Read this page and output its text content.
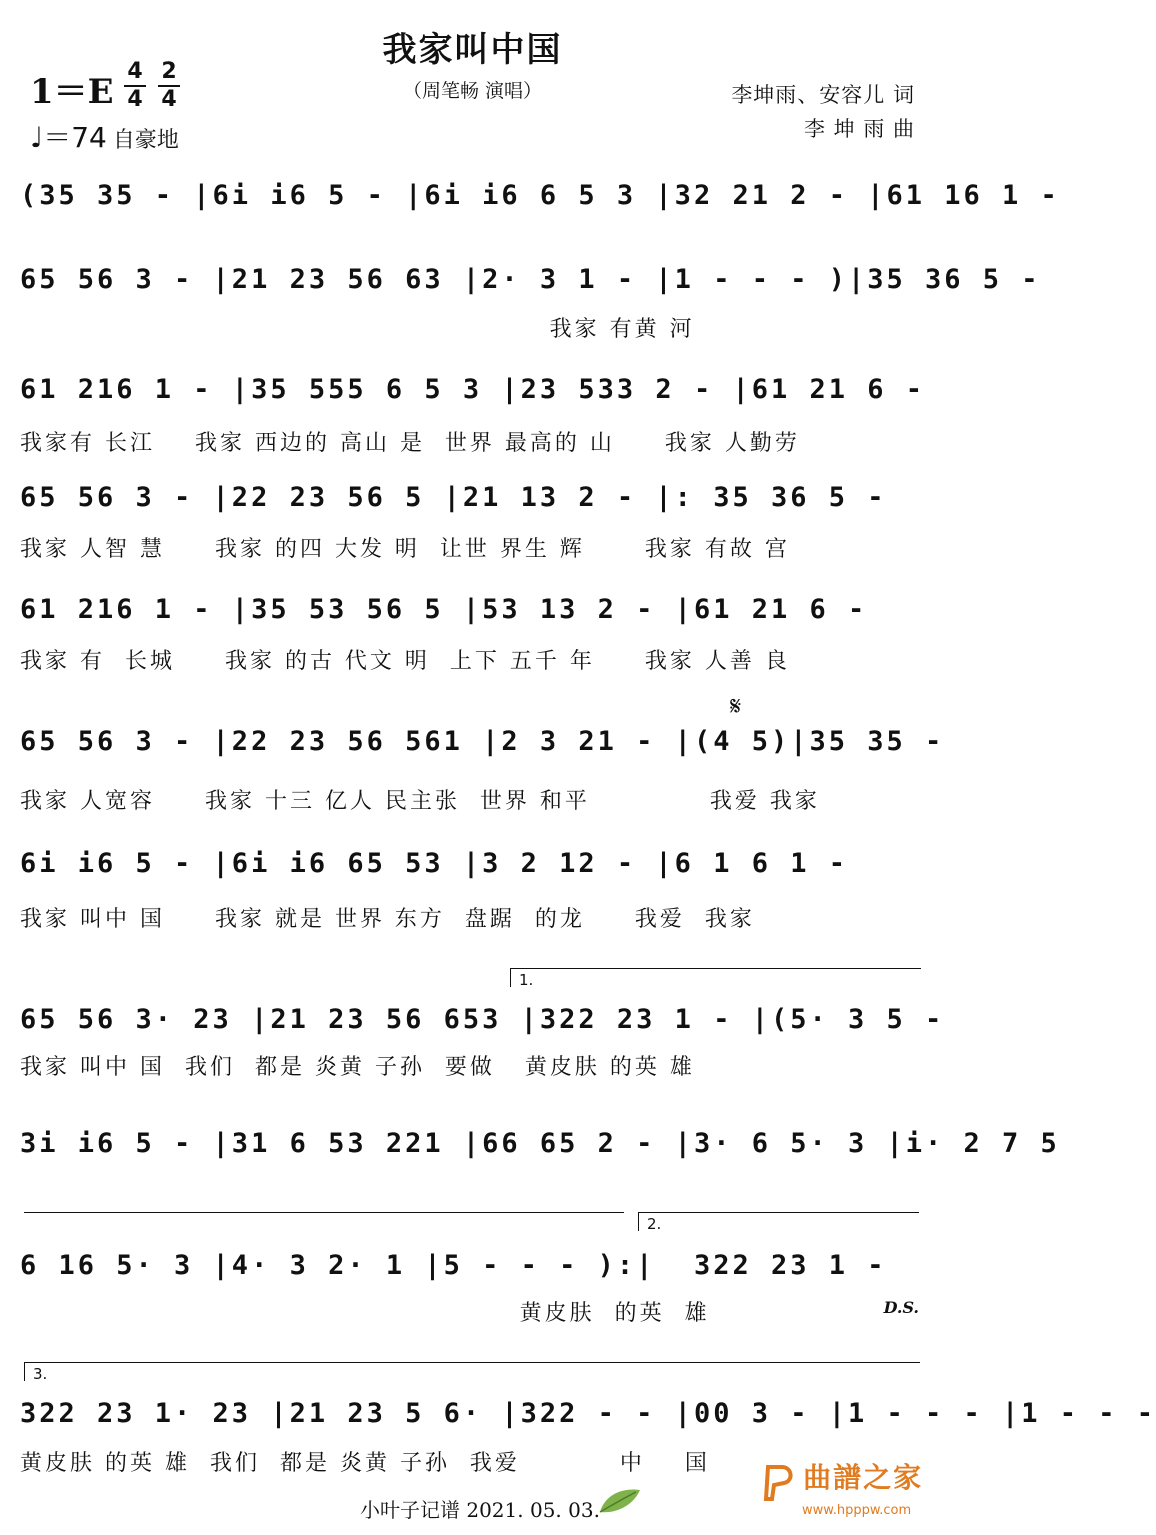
我家叫中国
（周笔畅 演唱）
1＝E
4
4
2
4
♩＝74 自豪地
李坤雨、安容儿 词
李 坤 雨 曲
(35 35 - |6i i6 5 - |6i i6 6 5 3 |32 21 2 - |61 16 1 -
65 56 3 - |21 23 56 63 |2· 3 1 - |1 - - - )|35 36 5 -
我家 有黄 河
61 216 1 - |35 555 6 5 3 |23 533 2 - |61 21 6 -
我家有 长江    我家 西边的 高山 是  世界 最高的 山     我家 人勤劳
65 56 3 - |22 23 56 5 |21 13 2 - |: 35 36 5 -
我家 人智 慧     我家 的四 大发 明  让世 界生 辉      我家 有故 宫
61 216 1 - |35 53 56 5 |53 13 2 - |61 21 6 -
我家 有  长城     我家 的古 代文 明  上下 五千 年     我家 人善 良
𝄋
65 56 3 - |22 23 56 561 |2 3 21 - |(4 5)|35 35 -
我家 人宽容     我家 十三 亿人 民主张  世界 和平            我爱 我家
6i i6 5 - |6i i6 65 53 |3 2 12 - |6 1 6 1 -
我家 叫中 国     我家 就是 世界 东方  盘踞  的龙     我爱  我家
1.
65 56 3· 23 |21 23 56 653 |322 23 1 - |(5· 3 5 -
我家 叫中 国  我们  都是 炎黄 子孙  要做   黄皮肤 的英 雄
3i i6 5 - |31 6 53 221 |66 65 2 - |3· 6 5· 3 |i· 2 7 5
2.
6 16 5· 3 |4· 3 2· 1 |5 - - - ):|  322 23 1 -
黄皮肤  的英  雄	D.S.
3.
322 23 1· 23 |21 23 5 6· |322 - - |00 3 - |1 - - - |1 - - -
黄皮肤 的英 雄  我们  都是 炎黄 子孙  我爱          中    国
小叶子记谱 2021. 05. 03.
曲譜之家
www.hpppw.com
